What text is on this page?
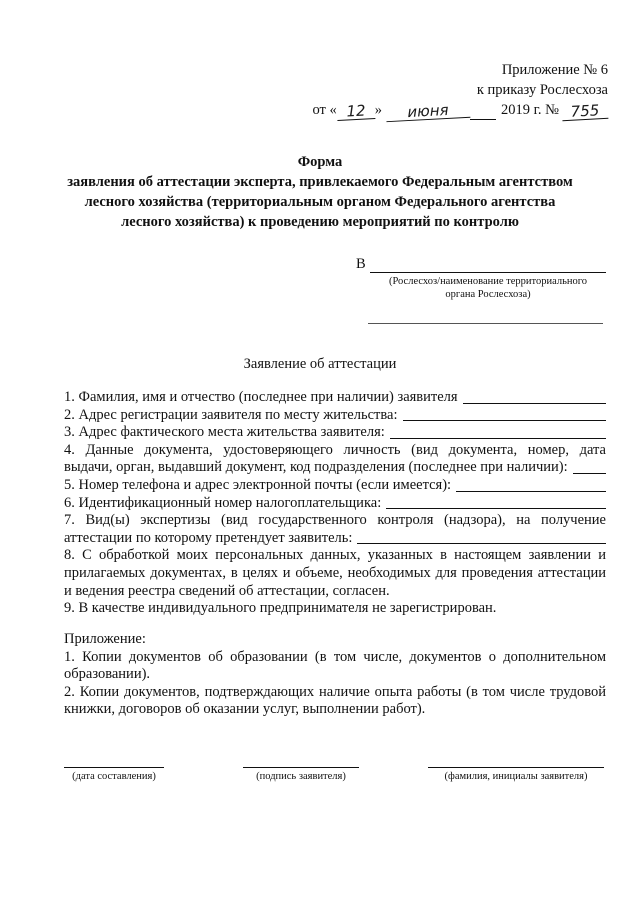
Приложение № 6
к приказу Рослесхоза
от « 12 »	июня	2019 г. № 755
Форма
заявления об аттестации эксперта, привлекаемого Федеральным агентством
лесного хозяйства (территориальным органом Федерального агентства
лесного хозяйства) к проведению мероприятий по контролю
В
(Рослесхоз/наименование территориального
органа Рослесхоза)
Заявление об аттестации
1. Фамилия, имя и отчество (последнее при наличии) заявителя
2. Адрес регистрации заявителя по месту жительства:
3. Адрес фактического места жительства заявителя:
4. Данные документа, удостоверяющего личность (вид документа, номер, дата
выдачи, орган, выдавший документ, код подразделения (последнее при наличии):
5. Номер телефона и адрес электронной почты (если имеется):
6. Идентификационный номер налогоплательщика:
7. Вид(ы) экспертизы (вид государственного контроля (надзора), на получение
аттестации по которому претендует заявитель:
8. С обработкой моих персональных данных, указанных в настоящем заявлении и прилагаемых документах, в целях и объеме, необходимых для проведения аттестации и ведения реестра сведений об аттестации, согласен.
9. В качестве индивидуального предпринимателя не зарегистрирован.
Приложение:
1. Копии документов об образовании (в том числе, документов о дополнительном образовании).
2. Копии документов, подтверждающих наличие опыта работы (в том числе трудовой книжки, договоров об оказании услуг, выполнении работ).
(дата составления)	(подпись заявителя)	(фамилия, инициалы заявителя)
